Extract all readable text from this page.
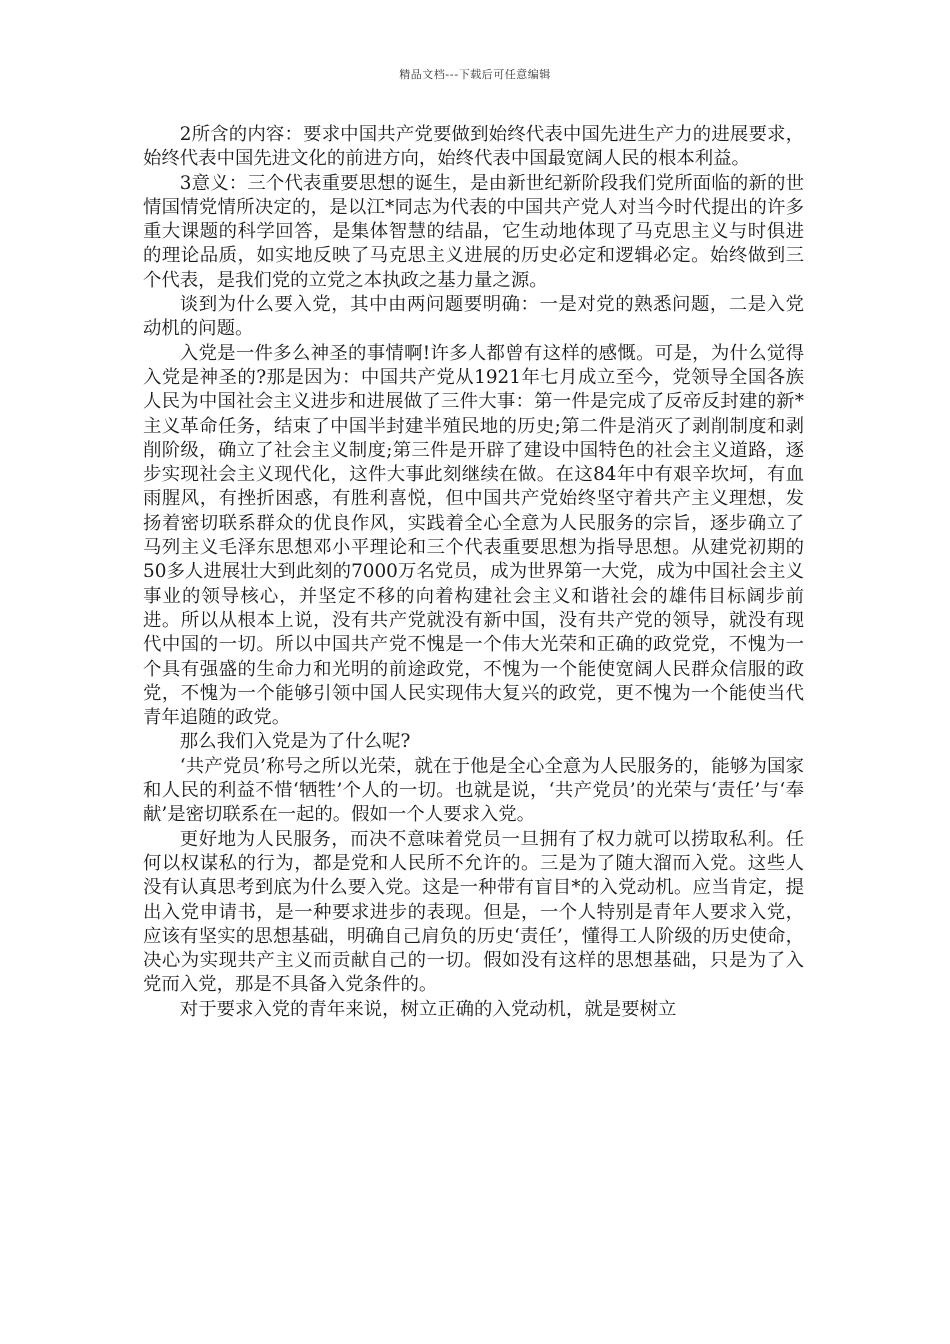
精品文档---下载后可任意编辑

2所含的内容：要求中国共产党要做到始终代表中国先进生产力的进展要求，始终代表中国先进文化的前进方向，始终代表中国最宽阔人民的根本利益。

3意义：三个代表重要思想的诞生，是由新世纪新阶段我们党所面临的新的世情国情党情所决定的，是以江*同志为代表的中国共产党人对当今时代提出的许多重大课题的科学回答，是集体智慧的结晶，它生动地体现了马克思主义与时俱进的理论品质，如实地反映了马克思主义进展的历史必定和逻辑必定。始终做到三个代表，是我们党的立党之本执政之基力量之源。

谈到为什么要入党，其中由两问题要明确：一是对党的熟悉问题，二是入党动机的问题。

入党是一件多么神圣的事情啊!许多人都曾有这样的感慨。可是，为什么觉得入党是神圣的?那是因为：中国共产党从1921年七月成立至今，党领导全国各族人民为中国社会主义进步和进展做了三件大事：第一件是完成了反帝反封建的新*主义革命任务，结束了中国半封建半殖民地的历史;第二件是消灭了剥削制度和剥削阶级，确立了社会主义制度;第三件是开辟了建设中国特色的社会主义道路，逐步实现社会主义现代化，这件大事此刻继续在做。在这84年中有艰辛坎坷，有血雨腥风，有挫折困惑，有胜利喜悦，但中国共产党始终坚守着共产主义理想，发扬着密切联系群众的优良作风，实践着全心全意为人民服务的宗旨，逐步确立了马列主义毛泽东思想邓小平理论和三个代表重要思想为指导思想。从建党初期的50多人进展壮大到此刻的7000万名党员，成为世界第一大党，成为中国社会主义事业的领导核心，并坚定不移的向着构建社会主义和谐社会的雄伟目标阔步前进。所以从根本上说，没有共产党就没有新中国，没有共产党的领导，就没有现代中国的一切。所以中国共产党不愧是一个伟大光荣和正确的政党党，不愧为一个具有强盛的生命力和光明的前途政党，不愧为一个能使宽阔人民群众信服的政党，不愧为一个能够引领中国人民实现伟大复兴的政党，更不愧为一个能使当代青年追随的政党。

那么我们入党是为了什么呢?

‘共产党员’称号之所以光荣，就在于他是全心全意为人民服务的，能够为国家和人民的利益不惜‘牺牲’个人的一切。也就是说，‘共产党员’的光荣与‘责任’与‘奉献’是密切联系在一起的。假如一个人要求入党。

更好地为人民服务，而决不意味着党员一旦拥有了权力就可以捞取私利。任何以权谋私的行为，都是党和人民所不允许的。三是为了随大溜而入党。这些人没有认真思考到底为什么要入党。这是一种带有盲目*的入党动机。应当肯定，提出入党申请书，是一种要求进步的表现。但是，一个人特别是青年人要求入党，应该有坚实的思想基础，明确自己肩负的历史‘责任’，懂得工人阶级的历史使命，决心为实现共产主义而贡献自己的一切。假如没有这样的思想基础，只是为了入党而入党，那是不具备入党条件的。

对于要求入党的青年来说，树立正确的入党动机，就是要树立
